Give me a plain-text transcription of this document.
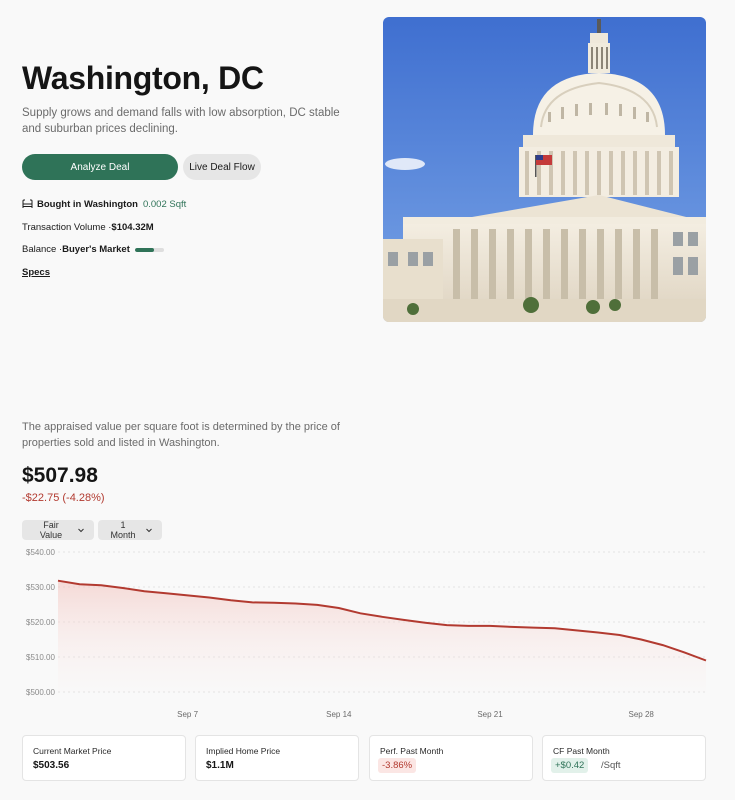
Washington, DC
Supply grows and demand falls with low absorption, DC stable and suburban prices declining.
Analyze Deal	Live Deal Flow
Bought in Washington 0.002 Sqft
Transaction Volume · $104.32M
Balance · Buyer's Market
Specs
The appraised value per square foot is determined by the price of properties sold and listed in Washington.
$507.98
-$22.75 (-4.28%)
Fair Value
1 Month
$540.00
$530.00
$520.00
$510.00
$500.00
Sep 7	Sep 14	Sep 21	Sep 28
Current Market Price
$503.56
Implied Home Price
$1.1M
Perf. Past Month
-3.86%
CF Past Month
+$0.42	/Sqft
